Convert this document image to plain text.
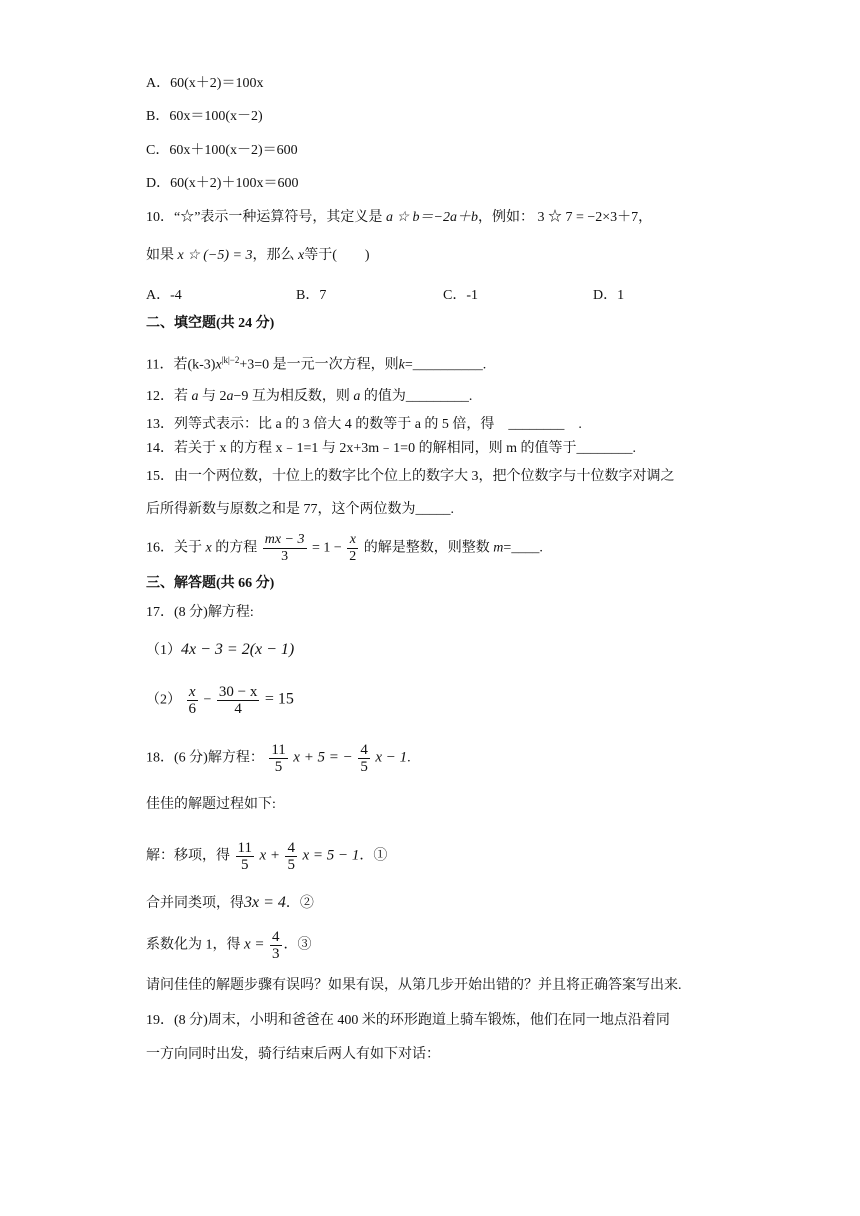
A．60(x＋2)＝100x
B．60x＝100(x－2)
C．60x＋100(x－2)＝600
D．60(x＋2)＋100x＝600
10．“☆”表示一种运算符号，其定义是 a ☆ b＝−2a＋b，例如： 3 ☆ 7 = −2×3＋7，
如果 x ☆ (−5) = 3，那么 x等于(　　)
A．-4	B．7	C．-1	D．1
二、填空题(共 24 分)
11．若$(k-3)x^{|k|-2}+3=0$ 是一元一次方程，则k=__________.
12．若 a 与 2a−9 互为相反数，则 a 的值为_________.
13．列等式表示：比 a 的 3 倍大 4 的数等于 a 的 5 倍，得　________　.
14．若关于 x 的方程 x﹣1=1 与 2x+3m﹣1=0 的解相同，则 m 的值等于________.
15．由一个两位数，十位上的数字比个位上的数字大 3，把个位数字与十位数字对调之
后所得新数与原数之和是 77，这个两位数为_____.
16．关于 x 的方程 $\frac{mx - 3}{3} = 1 - \frac{x}{2}$ 的解是整数，则整数 m=____.
三、解答题(共 66 分)
17．(8 分)解方程:
（1）4x − 3 = 2(x − 1)
$(2) \frac{x}{6} - \frac{30 - x}{4} = 15$
18．(6 分)解方程： $\frac{11}{5}$ x + 5 = − $\frac{4}{5}$ x − 1.
佳佳的解题过程如下:
解：移项，得 $\frac{11}{5}$ $x + \frac{4}{5}$ x = 5 − 1．①
合并同类项，得3x = 4．②
系数化为 1，得 $x = \frac{4}{3}$ ．③
请问佳佳的解题步骤有误吗？如果有误，从第几步开始出错的？并且将正确答案写出来.
19．(8 分)周末，小明和爸爸在 400 米的环形跑道上骑车锻炼，他们在同一地点沿着同
一方向同时出发，骑行结束后两人有如下对话：
